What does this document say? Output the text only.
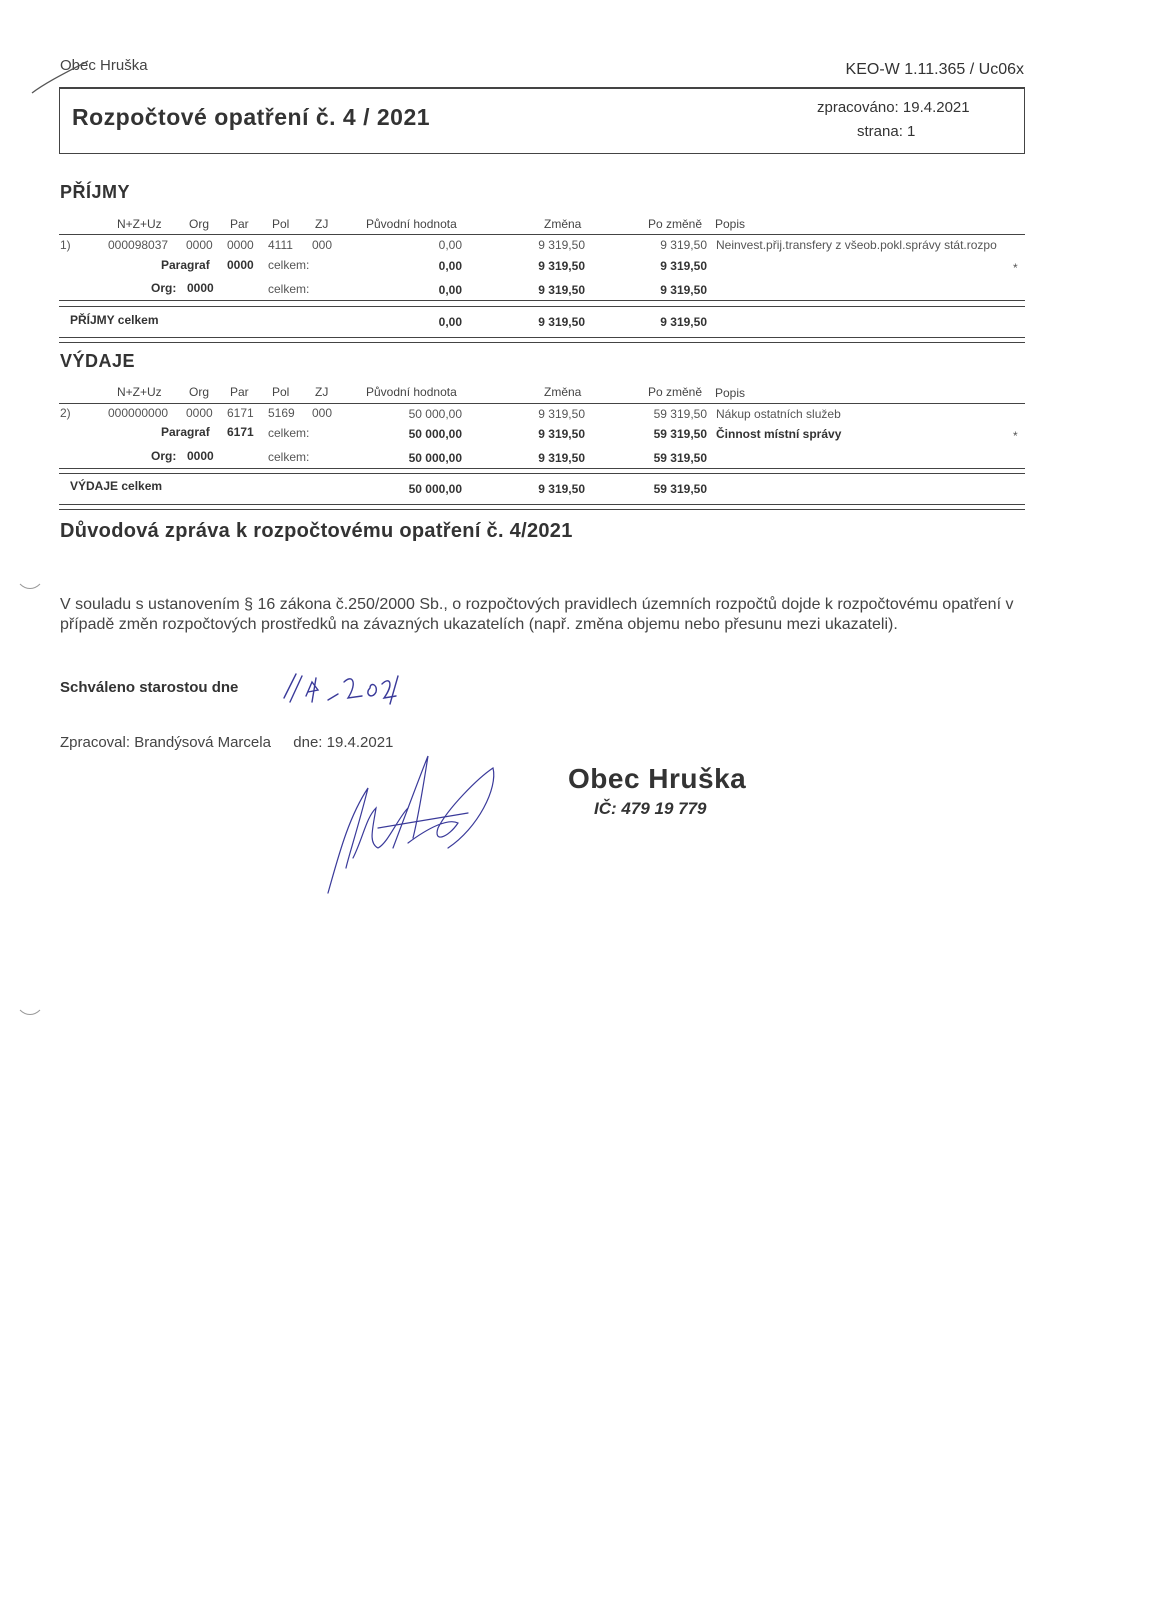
Obec Hruška	KEO-W 1.11.365 / Uc06x
Rozpočtové opatření č. 4 / 2021	zpracováno: 19.4.2021
strana: 1
PŘÍJMY
N+Z+Uz Org Par Pol ZJ	Původní hodnota	Změna	Po změně Popis
1)	000098037 0000 0000 4111 000	0,00	9 319,50	9 319,50 Neinvest.přij.transfery z všeob.pokl.správy stát.rozpo
Paragraf 0000 celkem:	0,00	9 319,50	9 319,50	*
Org: 0000	celkem:	0,00	9 319,50	9 319,50
PŘÍJMY celkem	0,00	9 319,50	9 319,50
VÝDAJE
N+Z+Uz Org Par Pol ZJ	Původní hodnota	Změna	Po změně Popis
2)	000000000 0000 6171 5169 000	50 000,00	9 319,50	59 319,50 Nákup ostatních služeb
Paragraf 6171 celkem:	50 000,00	9 319,50	59 319,50 Činnost místní správy	*
Org: 0000	celkem:	50 000,00	9 319,50	59 319,50
VÝDAJE celkem	50 000,00	9 319,50	59 319,50
Důvodová zpráva k rozpočtovému opatření č. 4/2021
V souladu s ustanovením § 16 zákona č.250/2000 Sb., o rozpočtových pravidlech územních rozpočtů dojde k rozpočtovému opatření v případě změn rozpočtových prostředků na závazných ukazatelích (např. změna objemu nebo přesunu mezi ukazateli).
Schváleno starostou dne
Zpracoval: Brandýsová Marcela dne: 19.4.2021
Obec Hruška
IČ: 479 19 779
